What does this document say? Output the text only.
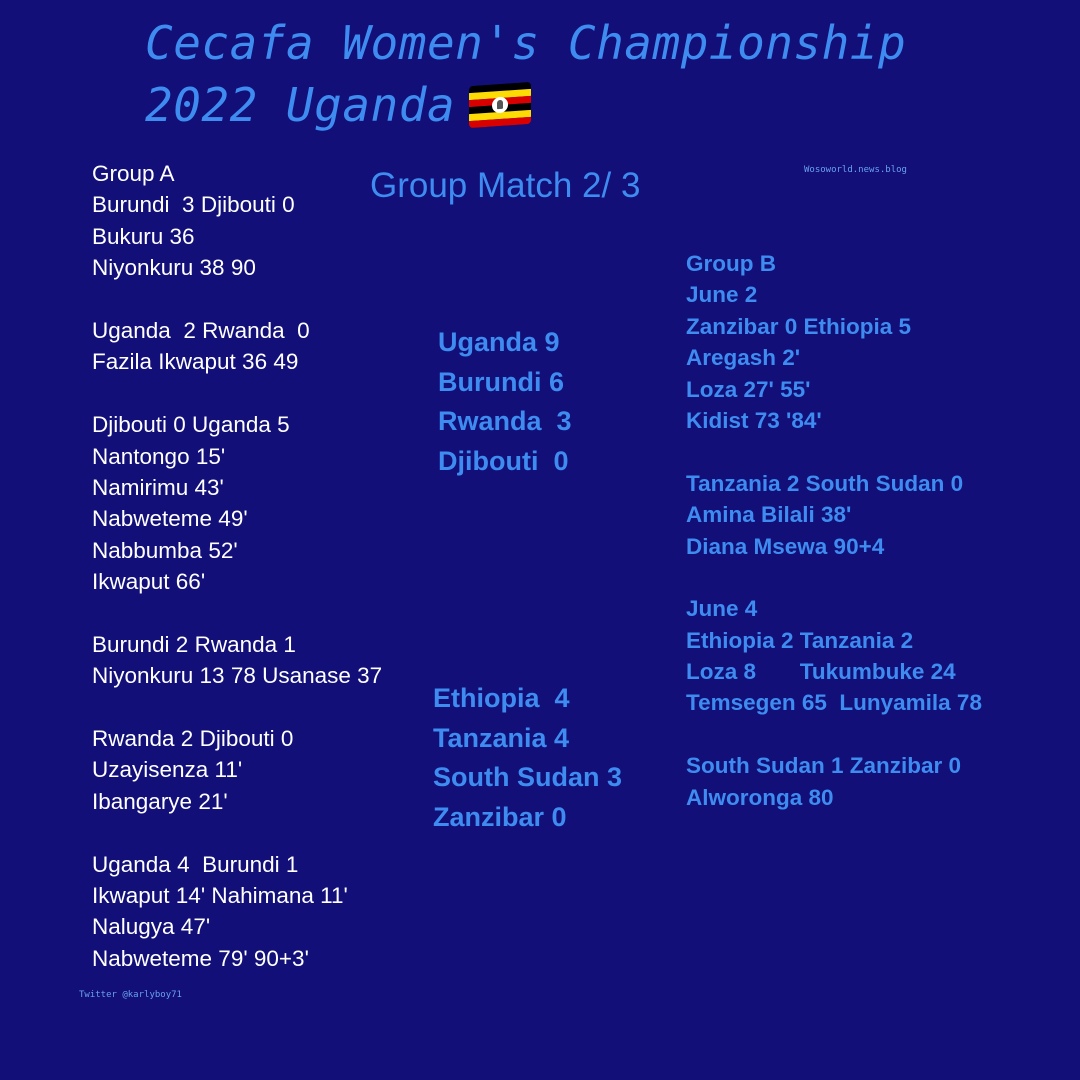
Cecafa Women's Championship
2022 Uganda
Wosoworld.news.blog
Group Match 2/ 3
Group A
Burundi  3 Djibouti 0
Bukuru 36
Niyonkuru 38 90
Uganda  2 Rwanda  0
Fazila Ikwaput 36 49
Djibouti 0 Uganda 5
Nantongo 15'
Namirimu 43'
Nabweteme 49'
Nabbumba 52'
Ikwaput 66'
Burundi 2 Rwanda 1
Niyonkuru 13 78 Usanase 37
Rwanda 2 Djibouti 0
Uzayisenza 11'
Ibangarye 21'
Uganda 4  Burundi 1
Ikwaput 14' Nahimana 11'
Nalugya 47'
Nabweteme 79' 90+3'
Uganda 9
Burundi 6
Rwanda  3
Djibouti  0
Ethiopia  4
Tanzania 4
South Sudan 3
Zanzibar 0
Group B
June 2
Zanzibar 0 Ethiopia 5
Aregash 2'
Loza 27' 55'
Kidist 73 '84'
Tanzania 2 South Sudan 0
Amina Bilali 38'
Diana Msewa 90+4
June 4
Ethiopia 2 Tanzania 2
Loza 8       Tukumbuke 24
Temsegen 65  Lunyamila 78
South Sudan 1 Zanzibar 0
Alworonga 80
Twitter @karlyboy71
